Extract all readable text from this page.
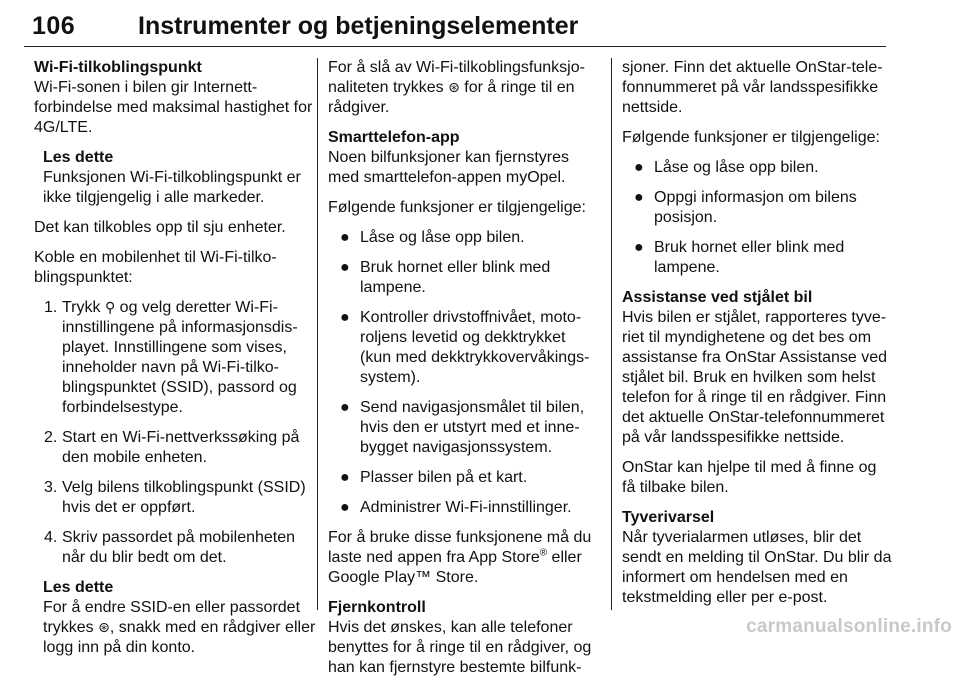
106	Instrumenter og betjeningselementer

Wi-Fi-tilkoblingspunkt

Wi-Fi-sonen i bilen gir Internett-forbindelse med maksimal hastighet for 4G/LTE.

Les dette
Funksjonen Wi-Fi-tilkoblingspunkt er ikke tilgjengelig i alle markeder.

Det kan tilkobles opp til sju enheter.

Koble en mobilenhet til Wi-Fi-tilkoblingspunktet:

1. Trykk ⚲ og velg deretter Wi-Fi-innstillingene på informasjonsdisplayet. Innstillingene som vises, inneholder navn på Wi-Fi-tilkoblingspunktet (SSID), passord og forbindelsestype.
2. Start en Wi-Fi-nettverkssøking på den mobile enheten.
3. Velg bilens tilkoblingspunkt (SSID) hvis det er oppført.
4. Skriv passordet på mobilenheten når du blir bedt om det.
Les dette
For å endre SSID-en eller passordet trykkes ⊛, snakk med en rådgiver eller logg inn på din konto.

For å slå av Wi-Fi-tilkoblingsfunksjonaliteten trykkes ⊛ for å ringe til en rådgiver.

Smarttelefon-app

Noen bilfunksjoner kan fjernstyres med smarttelefon-appen myOpel.

Følgende funksjoner er tilgjengelige:

● Låse og låse opp bilen.
● Bruk hornet eller blink med lampene.
● Kontroller drivstoffnivået, motoroljens levetid og dekktrykket (kun med dekktrykkovervåkingssystem).
● Send navigasjonsmålet til bilen, hvis den er utstyrt med et innebygget navigasjonssystem.
● Plasser bilen på et kart.
● Administrer Wi-Fi-innstillinger.

For å bruke disse funksjonene må du laste ned appen fra App Store® eller Google Play™ Store.

Fjernkontroll

Hvis det ønskes, kan alle telefoner benyttes for å ringe til en rådgiver, og han kan fjernstyre bestemte bilfunk-

sjoner. Finn det aktuelle OnStar-telefonnummeret på vår landsspesifikke nettside.

Følgende funksjoner er tilgjengelige:

● Låse og låse opp bilen.
● Oppgi informasjon om bilens posisjon.
● Bruk hornet eller blink med lampene.

Assistanse ved stjålet bil

Hvis bilen er stjålet, rapporteres tyveriet til myndighetene og det bes om assistanse fra OnStar Assistanse ved stjålet bil. Bruk en hvilken som helst telefon for å ringe til en rådgiver. Finn det aktuelle OnStar-telefonnummeret på vår landsspesifikke nettside.

OnStar kan hjelpe til med å finne og få tilbake bilen.

Tyverivarsel

Når tyverialarmen utløses, blir det sendt en melding til OnStar. Du blir da informert om hendelsen med en tekstmelding eller per e-post.

carmanualsonline.info
